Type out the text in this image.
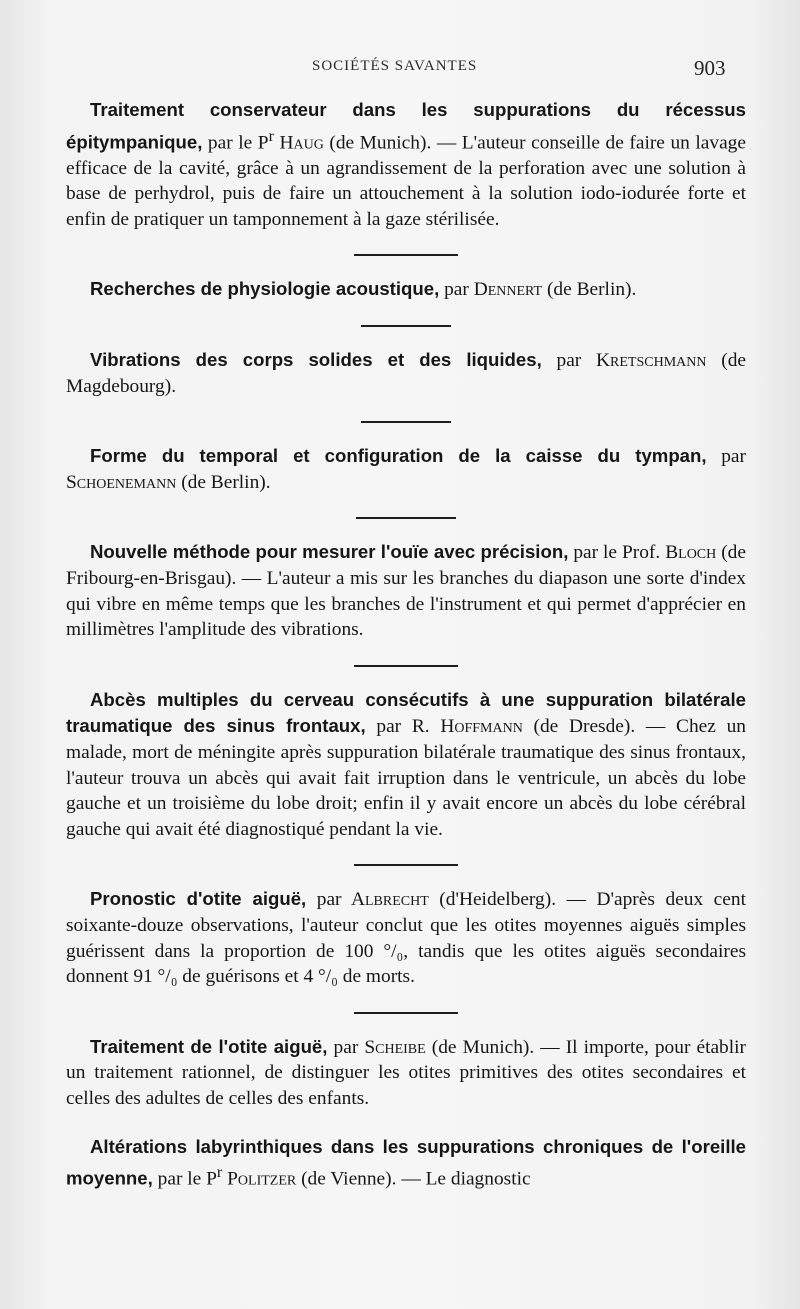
SOCIÉTÉS SAVANTES	903

Traitement conservateur dans les suppurations du récessus épitympanique, par le $P^r$ Haug (de Munich). — L'auteur conseille de faire un lavage efficace de la cavité, grâce à un agrandissement de la perforation avec une solution à base de perhydrol, puis de faire un attouchement à la solution iodo-iodurée forte et enfin de pratiquer un tamponnement à la gaze stérilisée.

Recherches de physiologie acoustique, par Dennert (de Berlin).

Vibrations des corps solides et des liquides, par Kretschmann (de Magdebourg).

Forme du temporal et configuration de la caisse du tympan, par Schoenemann (de Berlin).

Nouvelle méthode pour mesurer l'ouïe avec précision, par le Prof. Bloch (de Fribourg-en-Brisgau). — L'auteur a mis sur les branches du diapason une sorte d'index qui vibre en même temps que les branches de l'instrument et qui permet d'apprécier en millimètres l'amplitude des vibrations.

Abcès multiples du cerveau consécutifs à une suppuration bilatérale traumatique des sinus frontaux, par R. Hoffmann (de Dresde). — Chez un malade, mort de méningite après suppuration bilatérale traumatique des sinus frontaux, l'auteur trouva un abcès qui avait fait irruption dans le ventricule, un abcès du lobe gauche et un troisième du lobe droit; enfin il y avait encore un abcès du lobe cérébral gauche qui avait été diagnostiqué pendant la vie.

Pronostic d'otite aiguë, par Albrecht (d'Heidelberg). — D'après deux cent soixante-douze observations, l'auteur conclut que les otites moyennes aiguës simples guérissent dans la proportion de 100 °/₀, tandis que les otites aiguës secondaires donnent 91 °/₀ de guérisons et 4 °/₀ de morts.

Traitement de l'otite aiguë, par Scheibe (de Munich). — Il importe, pour établir un traitement rationnel, de distinguer les otites primitives des otites secondaires et celles des adultes de celles des enfants.

Altérations labyrinthiques dans les suppurations chroniques de l'oreille moyenne, par le $P^r$ Politzer (de Vienne). — Le diagnostic
